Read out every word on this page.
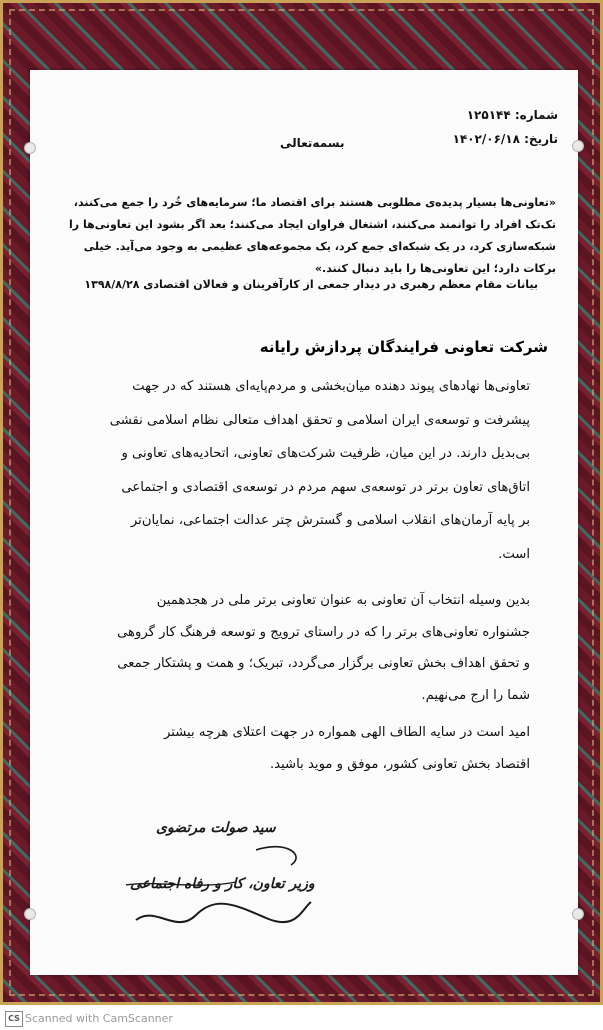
شماره: ۱۲۵۱۴۴
تاریخ: ۱۴۰۲/۰۶/۱۸
بسمه‌تعالی
«تعاونی‌ها بسیار پدیده‌ی مطلوبی هستند برای اقتصاد ما؛ سرمایه‌های خُرد را جمع می‌کنند،
تک‌تک افراد را توانمند می‌کنند، اشتغال فراوان ایجاد می‌کنند؛ بعد اگر بشود این تعاونی‌ها را
شبکه‌سازی کرد، در یک شبکه‌ای جمع کرد، یک مجموعه‌های عظیمی به وجود می‌آید. خیلی
برکات دارد؛ این تعاونی‌ها را باید دنبال کنند.»
بیانات مقام معظم رهبری در دیدار جمعی از کارآفرینان و فعالان اقتصادی ۱۳۹۸/۸/۲۸
شرکت تعاونی فرایندگان پردازش رایانه
تعاونی‌ها نهادهای پیوند دهنده میان‌بخشی و مردم‌پایه‌ای هستند که در جهت
پیشرفت و توسعه‌ی ایران اسلامی و تحقق اهداف متعالی نظام اسلامی نقشی
بی‌بدیل دارند. در این میان، ظرفیت شرکت‌های تعاونی، اتحادیه‌های تعاونی و
اتاق‌های تعاون برتر در توسعه‌ی سهم مردم در توسعه‌ی اقتصادی و اجتماعی
بر پایه آرمان‌های انقلاب اسلامی و گسترش چتر عدالت اجتماعی، نمایان‌تر
است.
بدین وسیله انتخاب آن تعاونی به عنوان تعاونی برتر ملی در هجدهمین
جشنواره تعاونی‌های برتر را که در راستای ترویج و توسعه فرهنگ کار گروهی
و تحقق اهداف بخش تعاونی برگزار می‌گردد، تبریک؛ و همت و پشتکار جمعی
شما را ارج می‌نهیم.
امید است در سایه الطاف الهی همواره در جهت اعتلای هرچه بیشتر
اقتصاد بخش تعاونی کشور، موفق و موید باشید.
سید صولت مرتضوی
وزیر تعاون، کار و رفاه اجتماعی
CS Scanned with CamScanner
